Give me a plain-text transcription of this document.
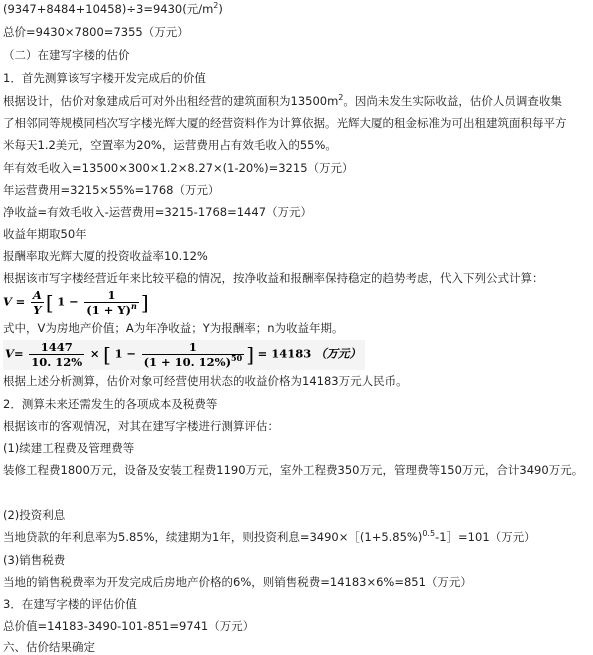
(9347+8484+10458)÷3=9430(元$/m^2$)
总价=9430×7800=7355（万元）
（二）在建写字楼的估价
1．首先测算该写字楼开发完成后的价值
根据设计，估价对象建成后可对外出租经营的建筑面积为$13500m^2$。因尚未发生实际收益，估价人员调查收集
了相邻同等规模同档次写字楼光辉大厦的经营资料作为计算依据。光辉大厦的租金标准为可出租建筑面积每平方
米每天1.2美元，空置率为20%，运营费用占有效毛收入的55%。
年有效毛收入=13500×300×1.2×8.27×(1-20%)=3215（万元）
年运营费用=3215×55%=1768（万元）
净收益=有效毛收入-运营费用=3215-1768=1447（万元）
收益年期取50年
报酬率取光辉大厦的投资收益率10.12%
根据该市写字楼经营近年来比较平稳的情况，按净收益和报酬率保持稳定的趋势考虑，代入下列公式计算：
$V = \frac{A}{Y}$ [ $1 - \frac{1}{(1 + Y)^n}$ ]
式中，V为房地产价值；A为年净收益；Y为报酬率；n为收益年期。
$V= \frac{1447}{10. 12\%}$ × [ $1 - \frac{1}{(1 + 10. 12\%)^{50}}$ ] = 14183 （万元）
根据上述分析测算，估价对象可经营使用状态的收益价格为14183万元人民币。
2．测算未来还需发生的各项成本及税费等
根据该市的客观情况，对其在建写字楼进行测算评估：
(1)续建工程费及管理费等
装修工程费1800万元，设备及安装工程费1190万元，室外工程费350万元，管理费等150万元，合计3490万元。
(2)投资利息
当地贷款的年利息率为5.85%，续建期为1年，则投资利息$=3490\times[(1+5.85\%)^{0.5}-1]=101$（万元）
(3)销售税费
当地的销售税费率为开发完成后房地产价格的6%，则销售税费=14183×6%=851（万元）
3．在建写字楼的评估价值
总价值=14183-3490-101-851=9741（万元）
六、估价结果确定
